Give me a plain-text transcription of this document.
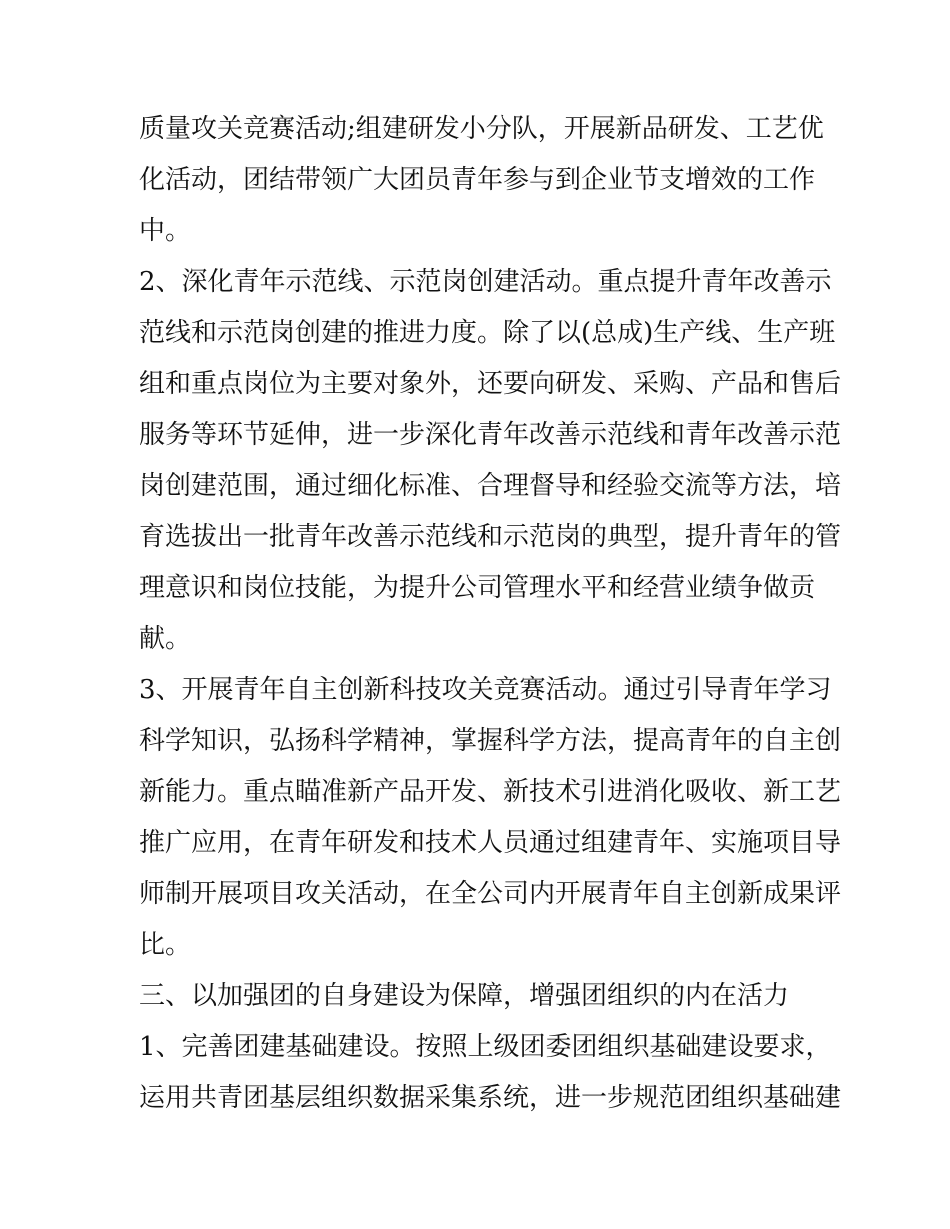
质量攻关竞赛活动;组建研发小分队，开展新品研发、工艺优
化活动，团结带领广大团员青年参与到企业节支增效的工作
中。
2、深化青年示范线、示范岗创建活动。重点提升青年改善示
范线和示范岗创建的推进力度。除了以(总成)生产线、生产班
组和重点岗位为主要对象外，还要向研发、采购、产品和售后
服务等环节延伸，进一步深化青年改善示范线和青年改善示范
岗创建范围，通过细化标准、合理督导和经验交流等方法，培
育选拔出一批青年改善示范线和示范岗的典型，提升青年的管
理意识和岗位技能，为提升公司管理水平和经营业绩争做贡
献。
3、开展青年自主创新科技攻关竞赛活动。通过引导青年学习
科学知识，弘扬科学精神，掌握科学方法，提高青年的自主创
新能力。重点瞄准新产品开发、新技术引进消化吸收、新工艺
推广应用，在青年研发和技术人员通过组建青年、实施项目导
师制开展项目攻关活动，在全公司内开展青年自主创新成果评
比。
三、以加强团的自身建设为保障，增强团组织的内在活力
1、完善团建基础建设。按照上级团委团组织基础建设要求，
运用共青团基层组织数据采集系统，进一步规范团组织基础建
